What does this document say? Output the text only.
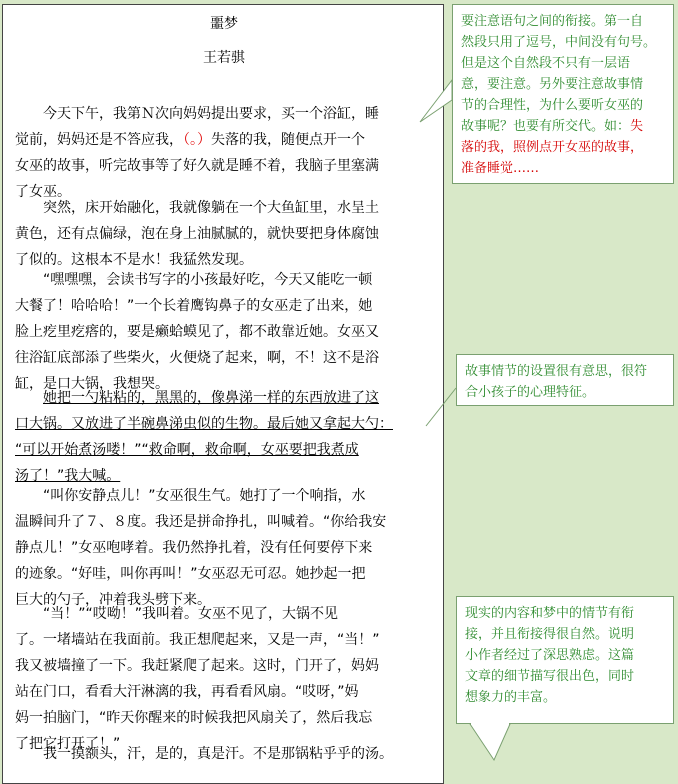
噩梦
王若骐
今天下午，我第Ｎ次向妈妈提出要求，买一个浴缸，睡
觉前，妈妈还是不答应我，（。）失落的我，随便点开一个
女巫的故事，听完故事等了好久就是睡不着，我脑子里塞满
了女巫。
突然，床开始融化，我就像躺在一个大鱼缸里，水呈土
黄色，还有点偏绿，泡在身上油腻腻的，就快要把身体腐蚀
了似的。这根本不是水！我猛然发现。
“嘿嘿嘿，会读书写字的小孩最好吃，今天又能吃一顿
大餐了！哈哈哈！”一个长着鹰钩鼻子的女巫走了出来，她
脸上疙里疙瘩的，要是癞蛤蟆见了，都不敢靠近她。女巫又
往浴缸底部添了些柴火，火便烧了起来，啊，不！这不是浴
缸，是口大锅，我想哭。
她把一勺粘粘的，黑黑的，像鼻涕一样的东西放进了这
口大锅。又放进了半碗鼻涕虫似的生物。最后她又拿起大勺：
“可以开始煮汤喽！”“救命啊，救命啊，女巫要把我煮成
汤了！”我大喊。
“叫你安静点儿！”女巫很生气。她打了一个响指，水
温瞬间升了７、８度。我还是拼命挣扎，叫喊着。“你给我安
静点儿！”女巫咆哮着。我仍然挣扎着，没有任何要停下来
的迹象。“好哇，叫你再叫！”女巫忍无可忍。她抄起一把
巨大的勺子，冲着我头劈下来。
“当！”“哎呦！”我叫着。女巫不见了，大锅不见
了。一堵墙站在我面前。我正想爬起来，又是一声，“当！”
我又被墙撞了一下。我赶紧爬了起来。这时，门开了，妈妈
站在门口，看看大汗淋漓的我，再看看风扇。“哎呀，”妈
妈一拍脑门，“昨天你醒来的时候我把风扇关了，然后我忘
了把它打开了！”
我一摸额头，汗，是的，真是汗。不是那锅粘乎乎的汤。
要注意语句之间的衔接。第一自
然段只用了逗号，中间没有句号。
但是这个自然段不只有一层语
意，要注意。另外要注意故事情
节的合理性，为什么要听女巫的
故事呢？也要有所交代。如：失
落的我，照例点开女巫的故事，
准备睡觉……
故事情节的设置很有意思，很符
合小孩子的心理特征。
现实的内容和梦中的情节有衔
接，并且衔接得很自然。说明
小作者经过了深思熟虑。这篇
文章的细节描写很出色，同时
想象力的丰富。
